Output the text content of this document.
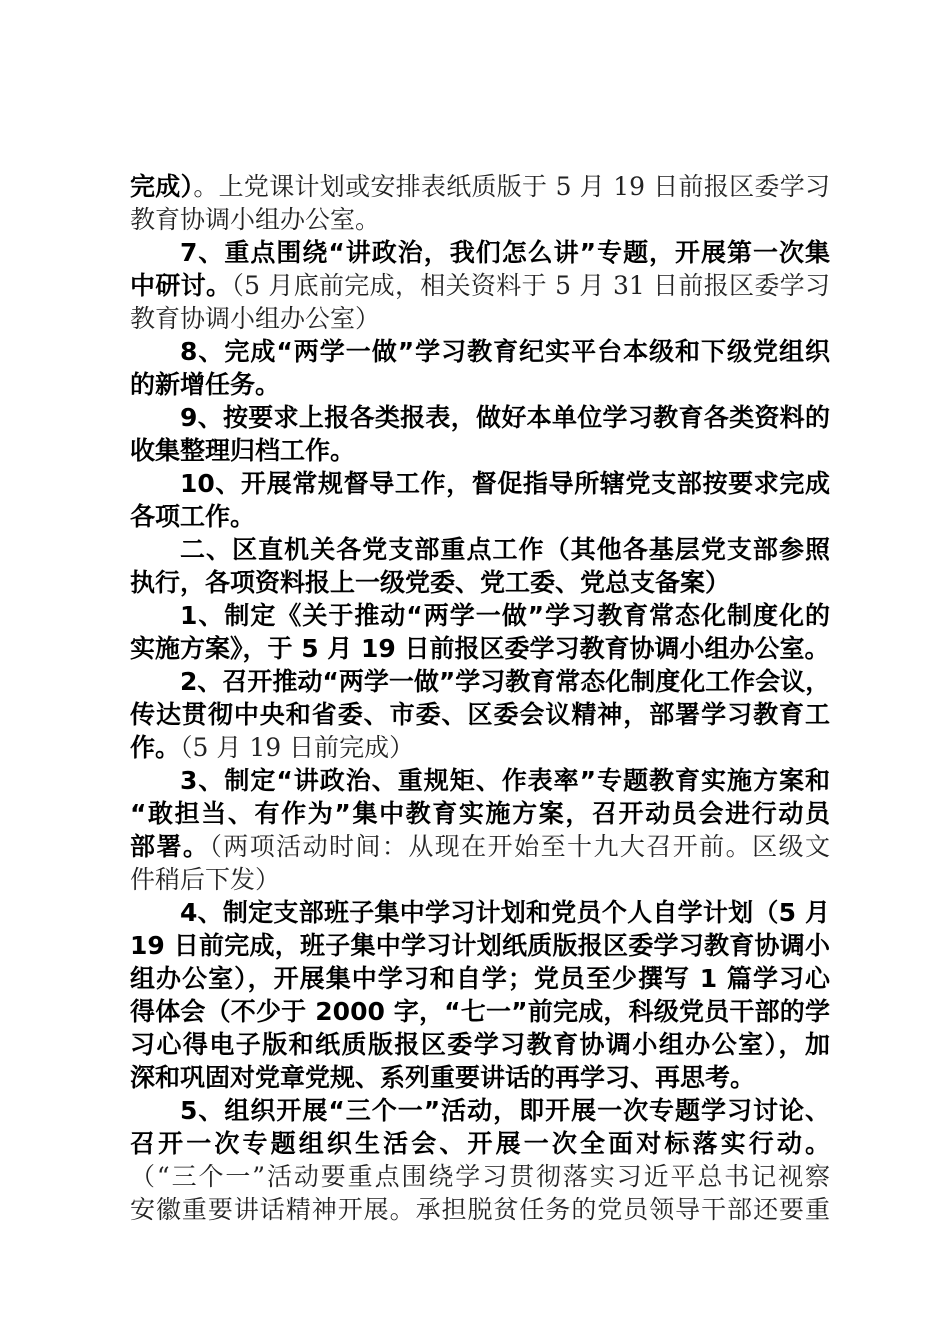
完成）。上党课计划或安排表纸质版于 5 月 19 日前报区委学习
教育协调小组办公室。
7、重点围绕“讲政治，我们怎么讲”专题，开展第一次集
中研讨。（5 月底前完成，相关资料于 5 月 31 日前报区委学习
教育协调小组办公室）
8、完成“两学一做”学习教育纪实平台本级和下级党组织
的新增任务。
9、按要求上报各类报表，做好本单位学习教育各类资料的
收集整理归档工作。
10、开展常规督导工作，督促指导所辖党支部按要求完成
各项工作。
二、区直机关各党支部重点工作（其他各基层党支部参照
执行，各项资料报上一级党委、党工委、党总支备案）
1、制定《关于推动“两学一做”学习教育常态化制度化的
实施方案》，于 5 月 19 日前报区委学习教育协调小组办公室。
2、召开推动“两学一做”学习教育常态化制度化工作会议，
传达贯彻中央和省委、市委、区委会议精神，部署学习教育工
作。（5 月 19 日前完成）
3、制定“讲政治、重规矩、作表率”专题教育实施方案和
“敢担当、有作为”集中教育实施方案，召开动员会进行动员
部署。（两项活动时间：从现在开始至十九大召开前。区级文
件稍后下发）
4、制定支部班子集中学习计划和党员个人自学计划（5 月
19 日前完成，班子集中学习计划纸质版报区委学习教育协调小
组办公室），开展集中学习和自学；党员至少撰写 1 篇学习心
得体会（不少于 2000 字，“七一”前完成，科级党员干部的学
习心得电子版和纸质版报区委学习教育协调小组办公室），加
深和巩固对党章党规、系列重要讲话的再学习、再思考。
5、组织开展“三个一”活动，即开展一次专题学习讨论、
召开一次专题组织生活会、开展一次全面对标落实行动。
（“三个一”活动要重点围绕学习贯彻落实习近平总书记视察
安徽重要讲话精神开展。承担脱贫任务的党员领导干部还要重
